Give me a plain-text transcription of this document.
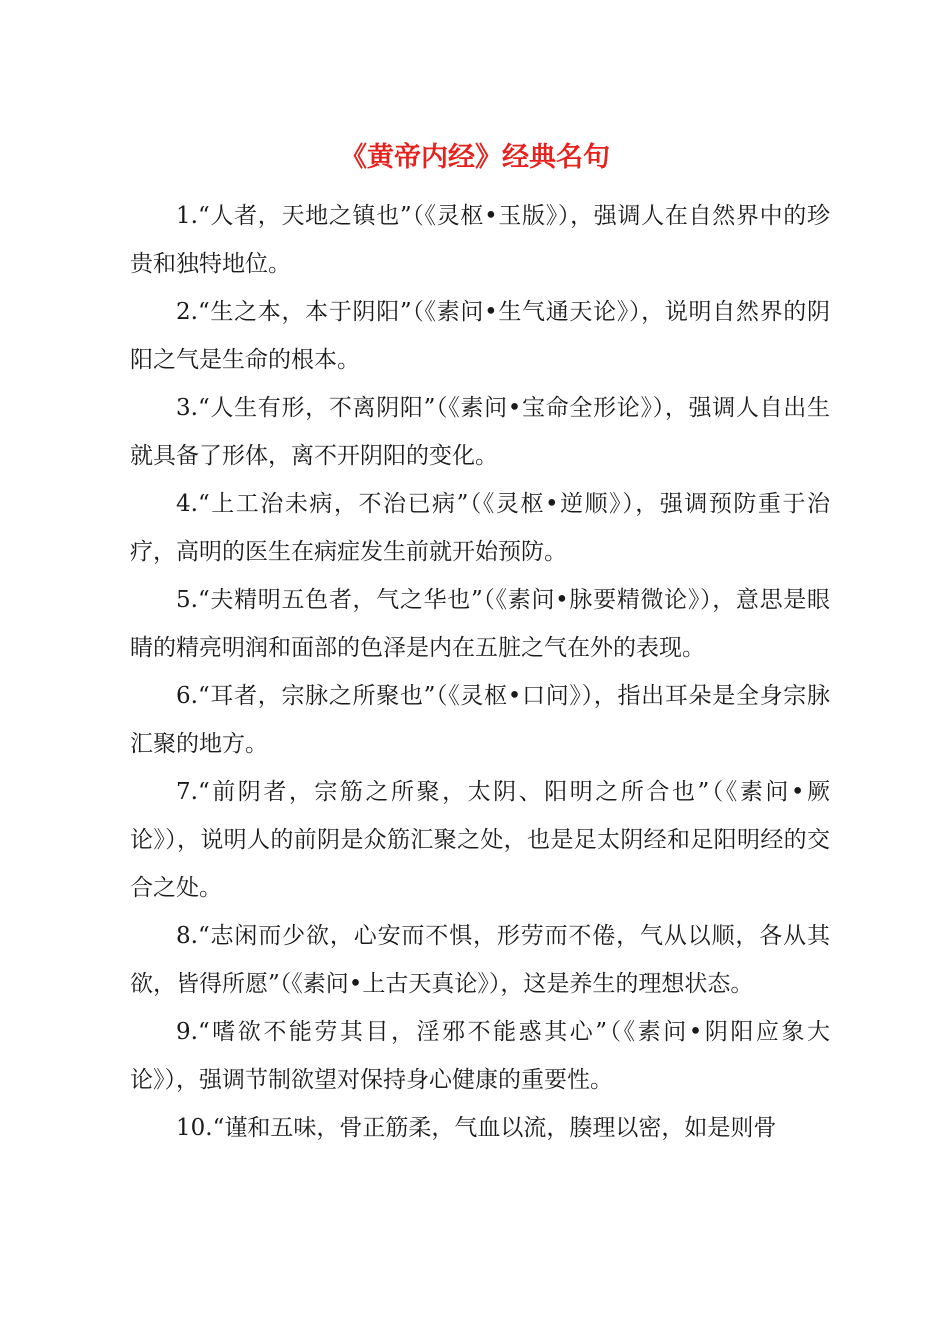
《黄帝内经》经典名句

1.“人者，天地之镇也”（《灵枢•玉版》），强调人在自然界中的珍贵和独特地位。

2.“生之本，本于阴阳”（《素问•生气通天论》），说明自然界的阴阳之气是生命的根本。

3.“人生有形，不离阴阳”（《素问•宝命全形论》），强调人自出生就具备了形体，离不开阴阳的变化。

4.“上工治未病，不治已病”（《灵枢•逆顺》），强调预防重于治疗，高明的医生在病症发生前就开始预防。

5.“夫精明五色者，气之华也”（《素问•脉要精微论》），意思是眼睛的精亮明润和面部的色泽是内在五脏之气在外的表现。

6.“耳者，宗脉之所聚也”（《灵枢•口问》），指出耳朵是全身宗脉汇聚的地方。

7.“前阴者，宗筋之所聚，太阴、阳明之所合也”（《素问•厥论》），说明人的前阴是众筋汇聚之处，也是足太阴经和足阳明经的交合之处。

8.“志闲而少欲，心安而不惧，形劳而不倦，气从以顺，各从其欲，皆得所愿”（《素问•上古天真论》），这是养生的理想状态。

9.“嗜欲不能劳其目，淫邪不能惑其心”（《素问•阴阳应象大论》），强调节制欲望对保持身心健康的重要性。

10.“谨和五味，骨正筋柔，气血以流，腠理以密，如是则骨
